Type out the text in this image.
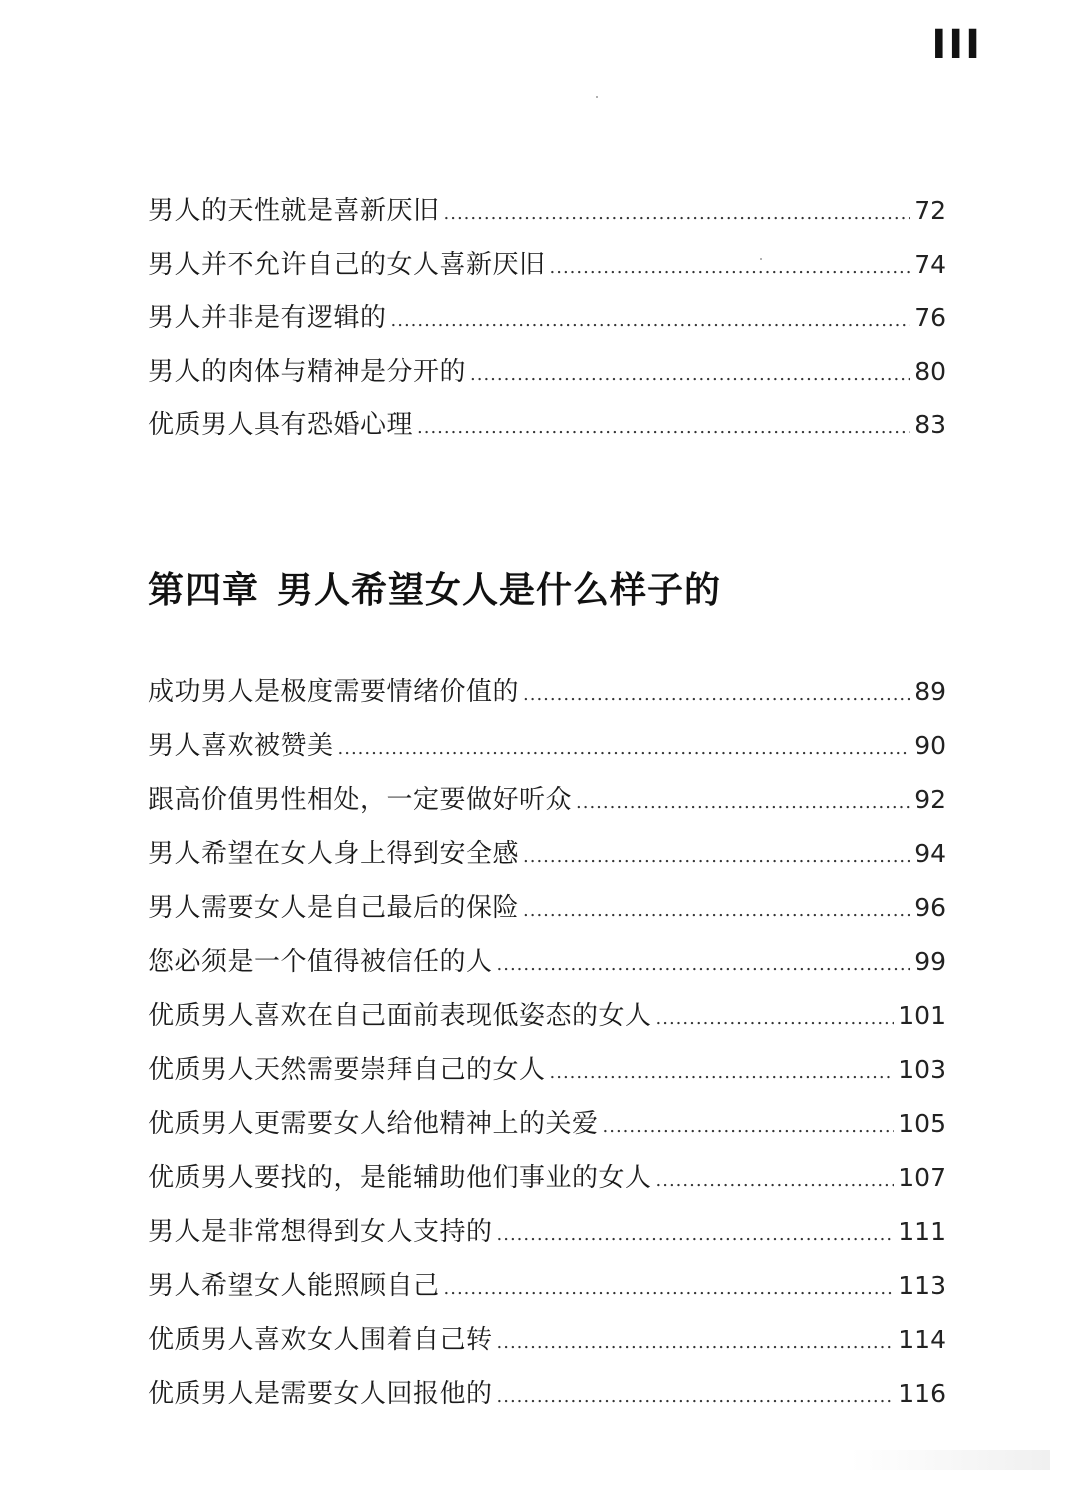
III
男人的天性就是喜新厌旧 .....	72
男人并不允许自己的女人喜新厌旧 .....	74
男人并非是有逻辑的 .....	76
男人的肉体与精神是分开的 .....	80
优质男人具有恐婚心理 .....	83
第四章 男人希望女人是什么样子的
成功男人是极度需要情绪价值的 .....	89
男人喜欢被赞美 .....	90
跟高价值男性相处，一定要做好听众 .....	92
男人希望在女人身上得到安全感 .....	94
男人需要女人是自己最后的保险 .....	96
您必须是一个值得被信任的人 .....	99
优质男人喜欢在自己面前表现低姿态的女人 .....	101
优质男人天然需要崇拜自己的女人 .....	103
优质男人更需要女人给他精神上的关爱 .....	105
优质男人要找的，是能辅助他们事业的女人 .....	107
男人是非常想得到女人支持的 .....	111
男人希望女人能照顾自己 .....	113
优质男人喜欢女人围着自己转 .....	114
优质男人是需要女人回报他的 .....	116
